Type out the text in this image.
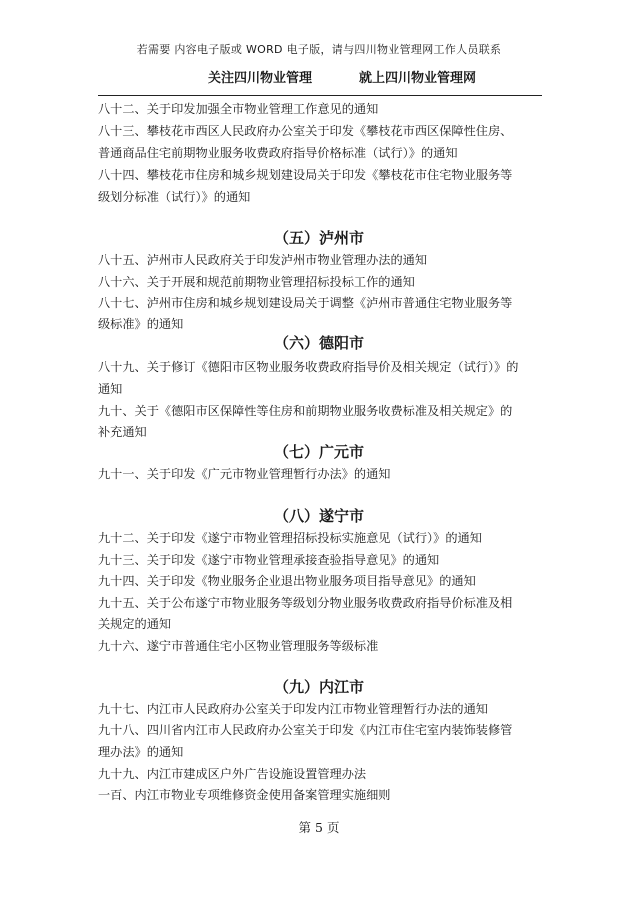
若需要 内容电子版或 WORD 电子版，请与四川物业管理网工作人员联系
关注四川物业管理	就上四川物业管理网
八十二、关于印发加强全市物业管理工作意见的通知
八十三、攀枝花市西区人民政府办公室关于印发《攀枝花市西区保障性住房、
普通商品住宅前期物业服务收费政府指导价格标准（试行）》的通知
八十四、攀枝花市住房和城乡规划建设局关于印发《攀枝花市住宅物业服务等
级划分标准（试行）》的通知
（五）泸州市
八十五、泸州市人民政府关于印发泸州市物业管理办法的通知
八十六、关于开展和规范前期物业管理招标投标工作的通知
八十七、泸州市住房和城乡规划建设局关于调整《泸州市普通住宅物业服务等
级标准》的通知
（六）德阳市
八十九、关于修订《德阳市区物业服务收费政府指导价及相关规定（试行）》的
通知
九十、关于《德阳市区保障性等住房和前期物业服务收费标准及相关规定》的
补充通知
（七）广元市
九十一、关于印发《广元市物业管理暂行办法》的通知
（八）遂宁市
九十二、关于印发《遂宁市物业管理招标投标实施意见（试行）》的通知
九十三、关于印发《遂宁市物业管理承接查验指导意见》的通知
九十四、关于印发《物业服务企业退出物业服务项目指导意见》的通知
九十五、关于公布遂宁市物业服务等级划分物业服务收费政府指导价标准及相
关规定的通知
九十六、遂宁市普通住宅小区物业管理服务等级标准
（九）内江市
九十七、内江市人民政府办公室关于印发内江市物业管理暂行办法的通知
九十八、四川省内江市人民政府办公室关于印发《内江市住宅室内装饰装修管
理办法》的通知
九十九、内江市建成区户外广告设施设置管理办法
一百、内江市物业专项维修资金使用备案管理实施细则
第 5 页
